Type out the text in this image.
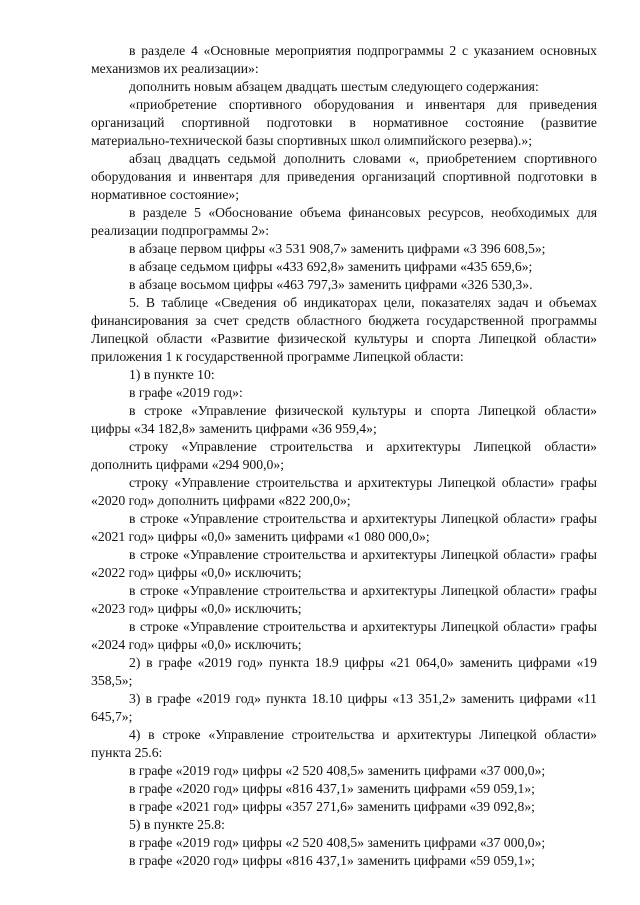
в разделе 4 «Основные мероприятия подпрограммы 2 с указанием основных механизмов их реализации»:

дополнить новым абзацем двадцать шестым следующего содержания:

«приобретение спортивного оборудования и инвентаря для приведения организаций спортивной подготовки в нормативное состояние (развитие материально-технической базы спортивных школ олимпийского резерва).»;

абзац двадцать седьмой дополнить словами «, приобретением спортивного оборудования и инвентаря для приведения организаций спортивной подготовки в нормативное состояние»;

в разделе 5 «Обоснование объема финансовых ресурсов, необходимых для реализации подпрограммы 2»:

в абзаце первом цифры «3 531 908,7» заменить цифрами «3 396 608,5»;

в абзаце седьмом цифры «433 692,8» заменить цифрами «435 659,6»;

в абзаце восьмом цифры «463 797,3» заменить цифрами «326 530,3».

5. В таблице «Сведения об индикаторах цели, показателях задач и объемах финансирования за счет средств областного бюджета государственной программы Липецкой области «Развитие физической культуры и спорта Липецкой области» приложения 1 к государственной программе Липецкой области:

1) в пункте 10:

в графе «2019 год»:

в строке «Управление физической культуры и спорта Липецкой области» цифры «34 182,8» заменить цифрами «36 959,4»;

строку «Управление строительства и архитектуры Липецкой области» дополнить цифрами «294 900,0»;

строку «Управление строительства и архитектуры Липецкой области» графы «2020 год» дополнить цифрами «822 200,0»;

в строке «Управление строительства и архитектуры Липецкой области» графы «2021 год» цифры «0,0» заменить цифрами «1 080 000,0»;

в строке «Управление строительства и архитектуры Липецкой области» графы «2022 год» цифры «0,0» исключить;

в строке «Управление строительства и архитектуры Липецкой области» графы «2023 год» цифры «0,0» исключить;

в строке «Управление строительства и архитектуры Липецкой области» графы «2024 год» цифры «0,0» исключить;

2) в графе «2019 год» пункта 18.9 цифры «21 064,0» заменить цифрами «19 358,5»;

3) в графе «2019 год» пункта 18.10 цифры «13 351,2» заменить цифрами «11 645,7»;

4) в строке «Управление строительства и архитектуры Липецкой области» пункта 25.6:

в графе «2019 год» цифры «2 520 408,5» заменить цифрами «37 000,0»;

в графе «2020 год» цифры «816 437,1» заменить цифрами «59 059,1»;

в графе «2021 год» цифры «357 271,6» заменить цифрами «39 092,8»;

5) в пункте 25.8:

в графе «2019 год» цифры «2 520 408,5» заменить цифрами «37 000,0»;

в графе «2020 год» цифры «816 437,1» заменить цифрами «59 059,1»;
